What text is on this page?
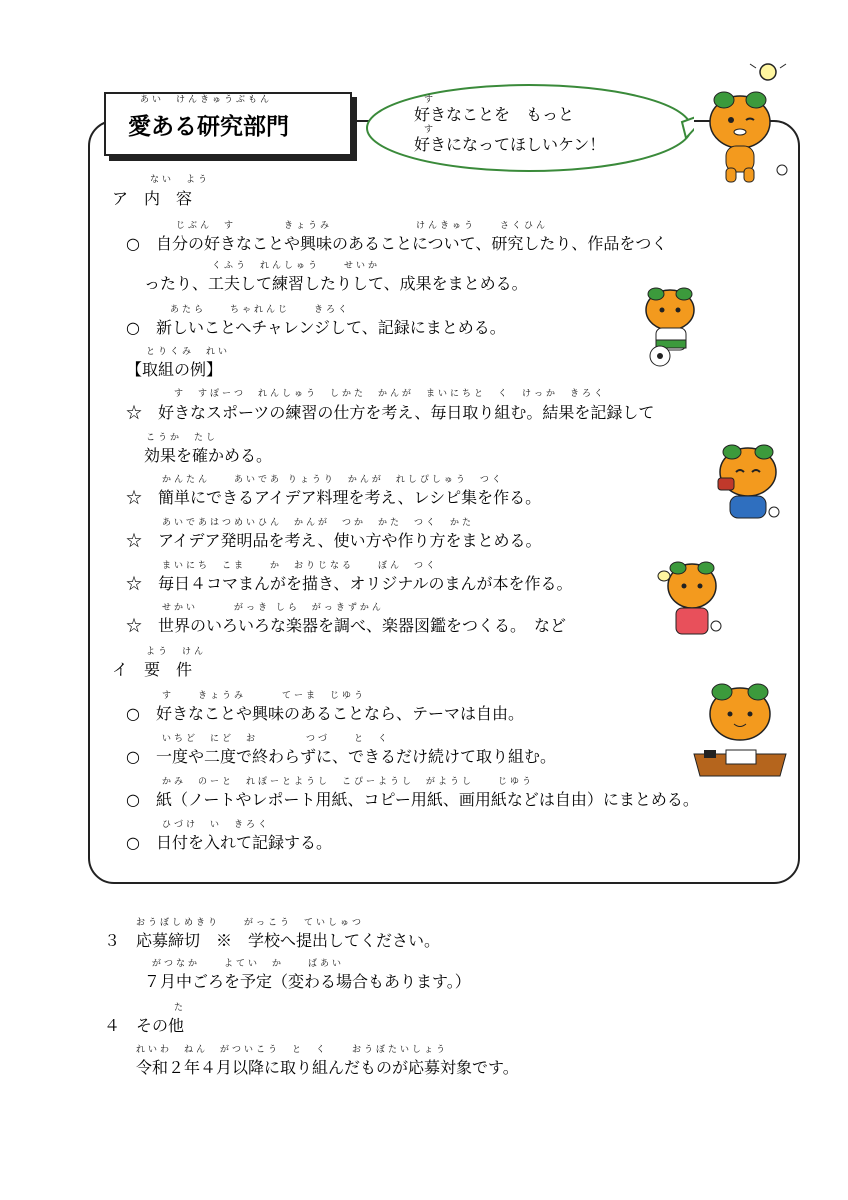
あい　けんきゅうぶもん
愛ある研究部門
す
す
好きなことを　もっと
好きになってほしいケン！
ない　よう
ア　内　容
じぶん　す　　　　きょうみ　　　　　　　けんきゅう　　さくひん
○　自分の好きなことや興味のあることについて、研究したり、作品をつく
くふう　れんしゅう　　せいか
ったり、工夫して練習したりして、成果をまとめる。
あたら　　ちゃれんじ　　きろく
○　新しいことへチャレンジして、記録にまとめる。
とりくみ　れい
【取組の例】
す　すぽーつ　れんしゅう　しかた　かんが　まいにちと　く　けっか　きろく
☆　好きなスポーツの練習の仕方を考え、毎日取り組む。結果を記録して
こうか　たし
効果を確かめる。
かんたん　　あいであ りょうり　かんが　れしぴしゅう　つく
☆　簡単にできるアイデア料理を考え、レシピ集を作る。
あいであはつめいひん　かんが　つか　かた　つく　かた
☆　アイデア発明品を考え、使い方や作り方をまとめる。
まいにち　こま　　か　おりじなる　　ぼん　つく
☆　毎日４コマまんがを描き、オリジナルのまんが本を作る。
せかい　　　がっき しら　がっきずかん
☆　世界のいろいろな楽器を調べ、楽器図鑑をつくる。　など
よう　けん
イ　要　件
す　　きょうみ　　　てーま　じゆう
○　好きなことや興味のあることなら、テーマは自由。
いちど　にど　お　　　　つづ　　と　く
○　一度や二度で終わらずに、できるだけ続けて取り組む。
かみ　のーと　れぽーとようし　こぴーようし　がようし　　じゆう
○　紙（ノートやレポート用紙、コピー用紙、画用紙などは自由）にまとめる。
ひづけ　い　きろく
○　日付を入れて記録する。
おうぼしめきり　　がっこう　ていしゅつ
３　応募締切　※　学校へ提出してください。
がつなか　　よてい　か　　ばあい
７月中ごろを予定（変わる場合もあります。）
た
４　その他
れいわ　ねん　がついこう　と　く　　おうぼたいしょう
令和２年４月以降に取り組んだものが応募対象です。
